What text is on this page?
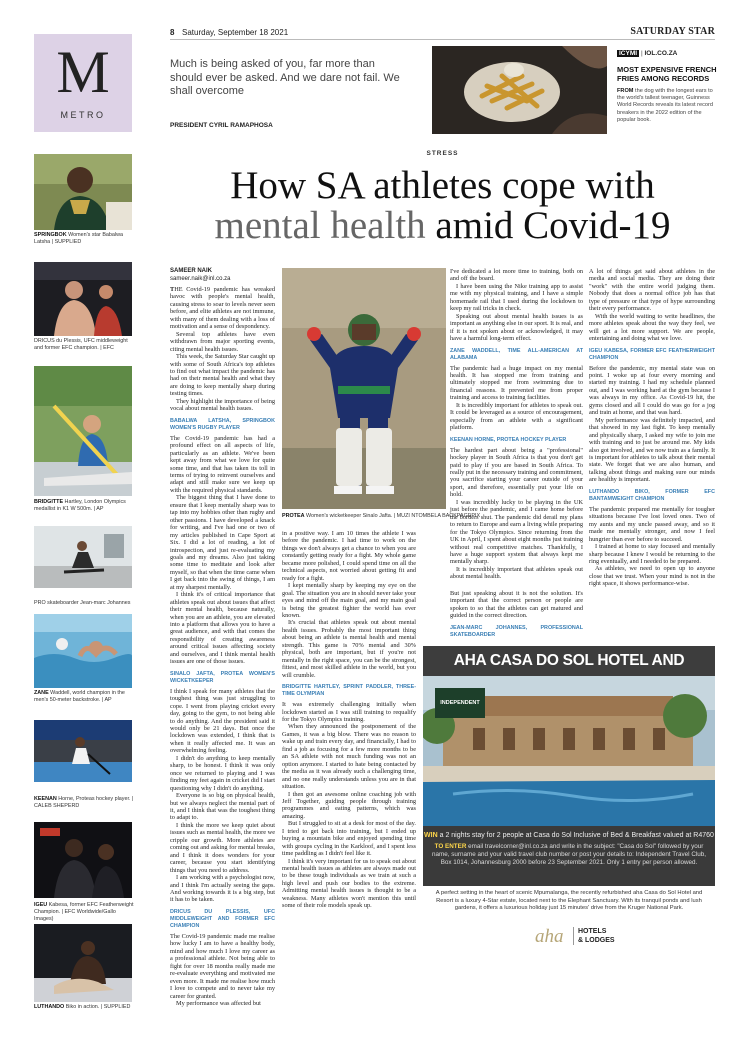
8 Saturday, September 18 2021	SATURDAY STAR
M
METRO
Much is being asked of you, far more than should ever be asked. And we dare not fail. We shall overcome
PRESIDENT CYRIL RAMAPHOSA
ICYMI | IOL.CO.ZA
MOST EXPENSIVE FRENCH FRIES AMONG RECORDS
FROM the dog with the longest ears to the world's tallest teenager, Guinness World Records reveals its latest record breakers in the 2022 edition of the popular book.
STRESS
How SA athletes cope with
mental health amid Covid-19
SPRINGBOK Women's star Babalwa Latsha | SUPPLIED
DRICUS du Plessis, UFC middleweight and former EFC champion. | EFC
BRIDGITTE Hartley, London Olympics medallist in K1 W 500m. | AP
PRO skateboarder Jean-marc Johannes
ZANE Waddell, world champion in the men's 50-meter backstroke. | AP
KEENAN Horne, Proteas hockey player. | CALEB SHEPERD
IGEU Kabesa, former EFC Featherweight Champion. | EFC Worldwide/Gallo Images)
LUTHANDO Biko in action. | SUPPLIED
SAMEER NAIK
sameer.naik@inl.co.za

THE Covid-19 pandemic has wreaked havoc with people's mental health, causing stress to soar to levels never seen before, and elite athletes are not immune, with many of them dealing with a loss of motivation and a sense of despondency.

Several top athletes have even withdrawn from major sporting events, citing mental health issues.

This week, the Saturday Star caught up with some of South Africa's top athletes to find out what impact the pandemic has had on their mental health and what they are doing to keep mentally sharp during testing times.

They highlight the importance of being vocal about mental health issues.

BABALWA LATSHA, SPRINGBOK WOMEN'S RUGBY PLAYER

The Covid-19 pandemic has had a profound effect on all aspects of life, particularly as an athlete. We've been kept away from what we love for quite some time, and that has taken its toll in terms of trying to reinvent ourselves and adapt and still make sure we keep up with the required physical standards.

The biggest thing that I have done to ensure that I keep mentally sharp was to tap into my hobbies other than rugby and other passions. I have developed a knack for writing, and I've had one or two of my articles published in Cape Sport at Six. I did a lot of reading, a lot of introspection, and just re-evaluating my goals and my dreams. Also just taking some time to meditate and look after myself, so that when the time came when I get back into the swing of things, I am at my sharpest mentally.

I think it's of critical importance that athletes speak out about issues that affect their mental health, because naturally, when you are an athlete, you are elevated into a platform that allows you to have a great audience, and with that comes the responsibility of creating awareness around critical issues affecting society and ourselves, and I think mental health issues are one of those issues.

SINALO JAFTA, PROTEA WOMEN'S WICKETKEEPER

I think I speak for many athletes that the toughest thing was just struggling to cope. I went from playing cricket every day, going to the gym, to not being able to do anything. And the president said it would only be 21 days. But once the lockdown was extended, I think that is when it really affected me. It was an overwhelming feeling.

I didn't do anything to keep mentally sharp, to be honest. I think it was only once we returned to playing and I was finding my feet again in cricket did I start questioning why I didn't do anything.

Everyone is so big on physical health, but we always neglect the mental part of it, and I think that was the toughest thing to adapt to.

I think the more we keep quiet about issues such as mental health, the more we cripple our growth. More athletes are coming out and asking for mental breaks, and I think it does wonders for your career, because you start identifying things that you need to address.

I am working with a psychologist now, and I think I'm actually seeing the gaps. And working towards it is a big step, but it has to be taken.

DRICUS DU PLESSIS, UFC MIDDLEWEIGHT AND FORMER EFC CHAMPION

The Covid-19 pandemic made me realise how lucky I am to have a healthy body, mind and how much I love my career as a professional athlete. Not being able to fight for over 18 months really made me re-evaluate everything and motivated me even more. It made me realise how much I love to compete and to never take my career for granted.

My performance was affected but

PROTEA Women's wicketkeeper Sinalo Jafta. | MUZI NTOMBELA BACKPAGEPIX

in a positive way. I am 10 times the athlete I was before the pandemic. I had time to work on the things we don't always get a chance to when you are constantly getting ready for a fight. My whole game became more polished, I could spend time on all the technical aspects, not worried about getting fit and ready for a fight.

I kept mentally sharp by keeping my eye on the goal. The situation you are in should never take your eyes and mind off the main goal, and my main goal is being the greatest fighter the world has ever known.

It's crucial that athletes speak out about mental health issues. Probably the most important thing about being an athlete is mental health and mental strength. This game is 70% mental and 30% physical, both are important, but if you're not mentally in the right space, you can be the strongest, fittest, and most skilled athlete in the world, but you will crumble.

BRIDGITTE HARTLEY, SPRINT PADDLER, THREE-TIME OLYMPIAN

It was extremely challenging initially when lockdown started as I was still training to requalify for the Tokyo Olympics training.

When they announced the postponement of the Games, it was a big blow. There was no reason to wake up and train every day, and financially, I had to find a job as focusing for a few more months to be an SA athlete with not much funding was not an option anymore. I started to hate being contacted by the media as it was already such a challenging time, and no one really understands unless you are in that situation.

I then got an awesome online coaching job with Jeff Together, guiding people through training programmes and eating patterns, which was amazing.

But I struggled to sit at a desk for most of the day. I tried to get back into training, but I ended up buying a mountain bike and enjoyed spending time with groups cycling in the Karkloof, and I spent less time paddling as I didn't feel like it.

I think it's very important for us to speak out about mental health issues as athletes are always made out to be these tough individuals as we train at such a high level and push our bodies to the extreme. Admitting mental health issues is thought to be a weakness. Many athletes won't mention this until some of their role models speak up.

I've dedicated a lot more time to training, both on and off the board.

I have been using the Nike training app to assist me with my physical training, and I have a simple homemade rail that I used during the lockdown to keep my rail tricks in check.

Speaking out about mental health issues is as important as anything else in our sport. It is real, and if it is not spoken about or acknowledged, it may have a harmful long-term effect.

ZANE WADDELL, TIME ALL-AMERICAN AT ALABAMA

The pandemic had a huge impact on my mental health. It has stopped me from training and ultimately stopped me from swimming due to financial reasons. It prevented me from proper training and access to training facilities.

It is incredibly important for athletes to speak out. It could be leveraged as a source of encouragement, especially from an athlete with a significant platform.

KEENAN HORNE, PROTEA HOCKEY PLAYER

The hardest part about being a "professional" hockey player in South Africa is that you don't get paid to play if you are based in South Africa. To really put in the necessary training and commitment, you sacrifice starting your career outside of your sport, and therefore, essentially put your life on hold.

I was incredibly lucky to be playing in the UK just before the pandemic, and I came home before the borders shut. The pandemic did derail my plans to return to Europe and earn a living while preparing for the Tokyo Olympics. Since returning from the UK in April, I spent about eight months just training without real competitive matches. Thankfully, I have a huge support system that always kept me mentally sharp.

It is incredibly important that athletes speak out about mental health.

A lot of things get said about athletes in the media and social media. They are doing their "work" with the entire world judging them. Nobody that does a normal office job has that type of pressure or that type of hype surrounding their every performance.

With the world waiting to write headlines, the more athletes speak about the way they feel, we will get a lot more support. We are people, entertaining and doing what we love.

IGEU KABESA, FORMER EFC FEATHERWEIGHT CHAMPION

Before the pandemic, my mental state was on point. I woke up at four every morning and started my training. I had my schedule planned out, and I was working hard at the gym because I was always in my office. As Covid-19 hit, the gyms closed and all I could do was go for a jog and train at home, and that was hard.

My performance was definitely impacted, and that showed in my last fight. To keep mentally and physically sharp, I asked my wife to join me with training and to just be around me. My kids also got involved, and we now train as a family. It is important for athletes to talk about their mental state. We forget that we are also human, and talking about things and making sure our minds are healthy is important.

LUTHANDO BIKO, FORMER EFC BANTAMWEIGHT CHAMPION

The pandemic prepared me mentally for tougher situations because I've lost loved ones. Two of my aunts and my uncle passed away, and so it made me mentally stronger, and now I feel hungrier than ever before to succeed.

I trained at home to stay focused and mentally sharp because I knew I would be returning to the ring eventually, and I needed to be prepared.

As athletes, we need to open up to anyone close that we trust. When your mind is not in the right space, it shows performance-wise.

AHA CASA DO SOL HOTEL AND
INDEPENDENT
WIN a 2 nights stay for 2 people at Casa do Sol Inclusive of Bed & Breakfast valued at R4760
TO ENTER email travelcorner@inl.co.za and write in the subject: "Casa do Sol" followed by your name, surname and your valid travel club number or post your details to: Independent Travel Club, Box 1014, Johannesburg 2000 before 23 September 2021. Only 1 entry per person allowed.
A perfect setting in the heart of scenic Mpumalanga, the recently refurbished aha Casa do Sol Hotel and Resort is a luxury 4-Star estate, located next to the Elephant Sanctuary. With its tranquil ponds and lush gardens, it offers a luxurious holiday just 15 minutes' drive from the Kruger National Park.
aha	HOTELS
& LODGES

But just speaking about it is not the solution. It's important that the correct person or people are spoken to so that the athletes can get matured and guided in the correct direction.

JEAN-MARC JOHANNES, PROFESSIONAL SKATEBOARDER
